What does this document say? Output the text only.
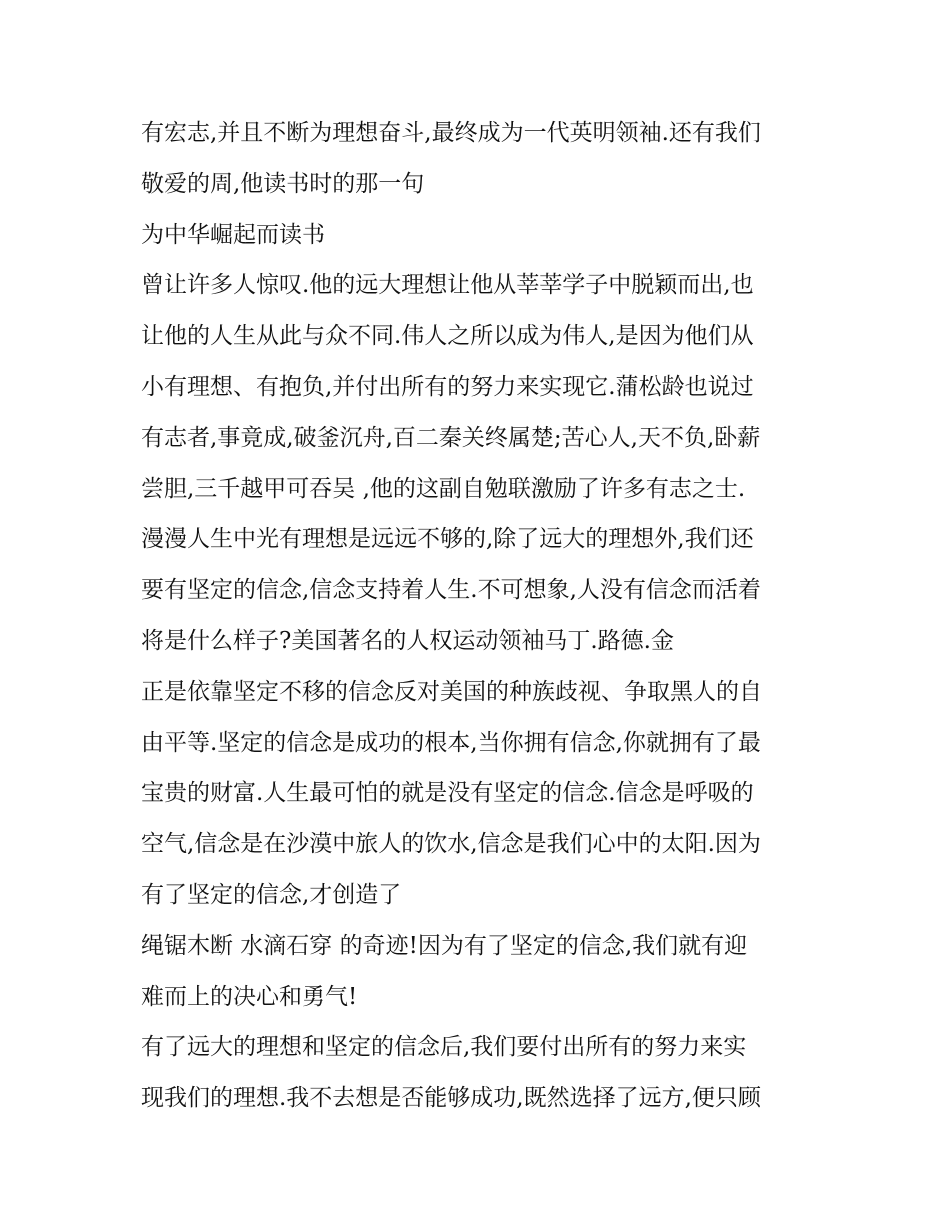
有宏志,并且不断为理想奋斗,最终成为一代英明领袖.还有我们
敬爱的周,他读书时的那一句
为中华崛起而读书
曾让许多人惊叹.他的远大理想让他从莘莘学子中脱颖而出,也
让他的人生从此与众不同.伟人之所以成为伟人,是因为他们从
小有理想、有抱负,并付出所有的努力来实现它.蒲松龄也说过
有志者,事竟成,破釜沉舟,百二秦关终属楚;苦心人,天不负,卧薪
尝胆,三千越甲可吞吴 ,他的这副自勉联激励了许多有志之士.
漫漫人生中光有理想是远远不够的,除了远大的理想外,我们还
要有坚定的信念,信念支持着人生.不可想象,人没有信念而活着
将是什么样子?美国著名的人权运动领袖马丁.路德.金
正是依靠坚定不移的信念反对美国的种族歧视、争取黑人的自
由平等.坚定的信念是成功的根本,当你拥有信念,你就拥有了最
宝贵的财富.人生最可怕的就是没有坚定的信念.信念是呼吸的
空气,信念是在沙漠中旅人的饮水,信念是我们心中的太阳.因为
有了坚定的信念,才创造了
绳锯木断 水滴石穿 的奇迹!因为有了坚定的信念,我们就有迎
难而上的决心和勇气!
有了远大的理想和坚定的信念后,我们要付出所有的努力来实
现我们的理想.我不去想是否能够成功,既然选择了远方,便只顾
